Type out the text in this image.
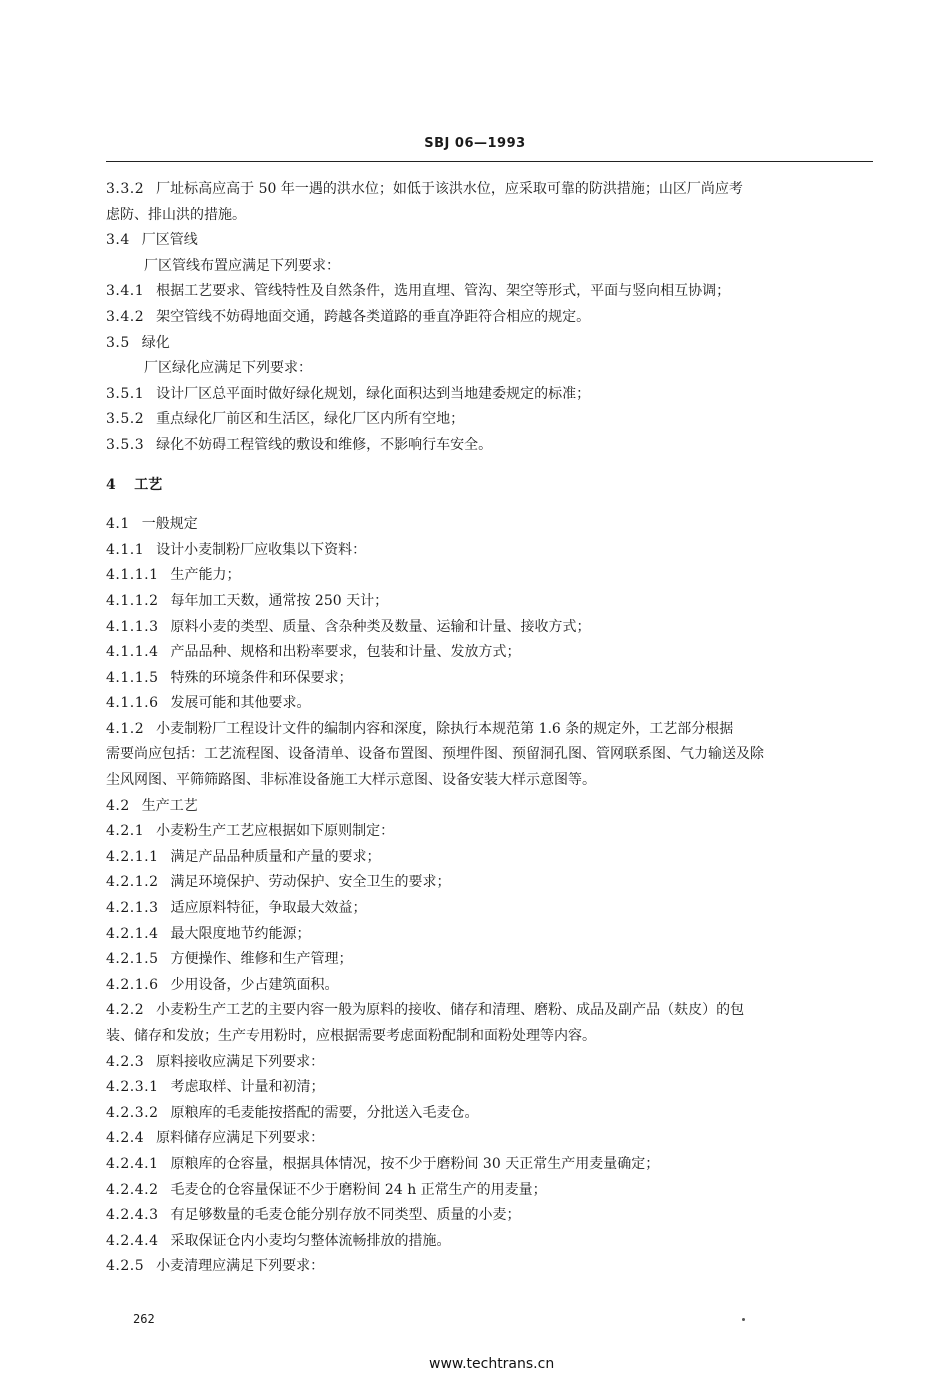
SBJ 06—1993
3.3.2 厂址标高应高于 50 年一遇的洪水位；如低于该洪水位，应采取可靠的防洪措施；山区厂尚应考
虑防、排山洪的措施。
3.4 厂区管线
厂区管线布置应满足下列要求：
3.4.1 根据工艺要求、管线特性及自然条件，选用直埋、管沟、架空等形式，平面与竖向相互协调；
3.4.2 架空管线不妨碍地面交通，跨越各类道路的垂直净距符合相应的规定。
3.5 绿化
厂区绿化应满足下列要求：
3.5.1 设计厂区总平面时做好绿化规划，绿化面积达到当地建委规定的标准；
3.5.2 重点绿化厂前区和生活区，绿化厂区内所有空地；
3.5.3 绿化不妨碍工程管线的敷设和维修，不影响行车安全。
4 工艺
4.1 一般规定
4.1.1 设计小麦制粉厂应收集以下资料：
4.1.1.1 生产能力；
4.1.1.2 每年加工天数，通常按 250 天计；
4.1.1.3 原料小麦的类型、质量、含杂种类及数量、运输和计量、接收方式；
4.1.1.4 产品品种、规格和出粉率要求，包装和计量、发放方式；
4.1.1.5 特殊的环境条件和环保要求；
4.1.1.6 发展可能和其他要求。
4.1.2 小麦制粉厂工程设计文件的编制内容和深度，除执行本规范第 1.6 条的规定外，工艺部分根据
需要尚应包括：工艺流程图、设备清单、设备布置图、预埋件图、预留洞孔图、管网联系图、气力输送及除
尘风网图、平筛筛路图、非标准设备施工大样示意图、设备安装大样示意图等。
4.2 生产工艺
4.2.1 小麦粉生产工艺应根据如下原则制定：
4.2.1.1 满足产品品种质量和产量的要求；
4.2.1.2 满足环境保护、劳动保护、安全卫生的要求；
4.2.1.3 适应原料特征，争取最大效益；
4.2.1.4 最大限度地节约能源；
4.2.1.5 方便操作、维修和生产管理；
4.2.1.6 少用设备，少占建筑面积。
4.2.2 小麦粉生产工艺的主要内容一般为原料的接收、储存和清理、磨粉、成品及副产品（麸皮）的包
装、储存和发放；生产专用粉时，应根据需要考虑面粉配制和面粉处理等内容。
4.2.3 原料接收应满足下列要求：
4.2.3.1 考虑取样、计量和初清；
4.2.3.2 原粮库的毛麦能按搭配的需要，分批送入毛麦仓。
4.2.4 原料储存应满足下列要求：
4.2.4.1 原粮库的仓容量，根据具体情况，按不少于磨粉间 30 天正常生产用麦量确定；
4.2.4.2 毛麦仓的仓容量保证不少于磨粉间 24 h 正常生产的用麦量；
4.2.4.3 有足够数量的毛麦仓能分别存放不同类型、质量的小麦；
4.2.4.4 采取保证仓内小麦均匀整体流畅排放的措施。
4.2.5 小麦清理应满足下列要求：
262
www.techtrans.cn
